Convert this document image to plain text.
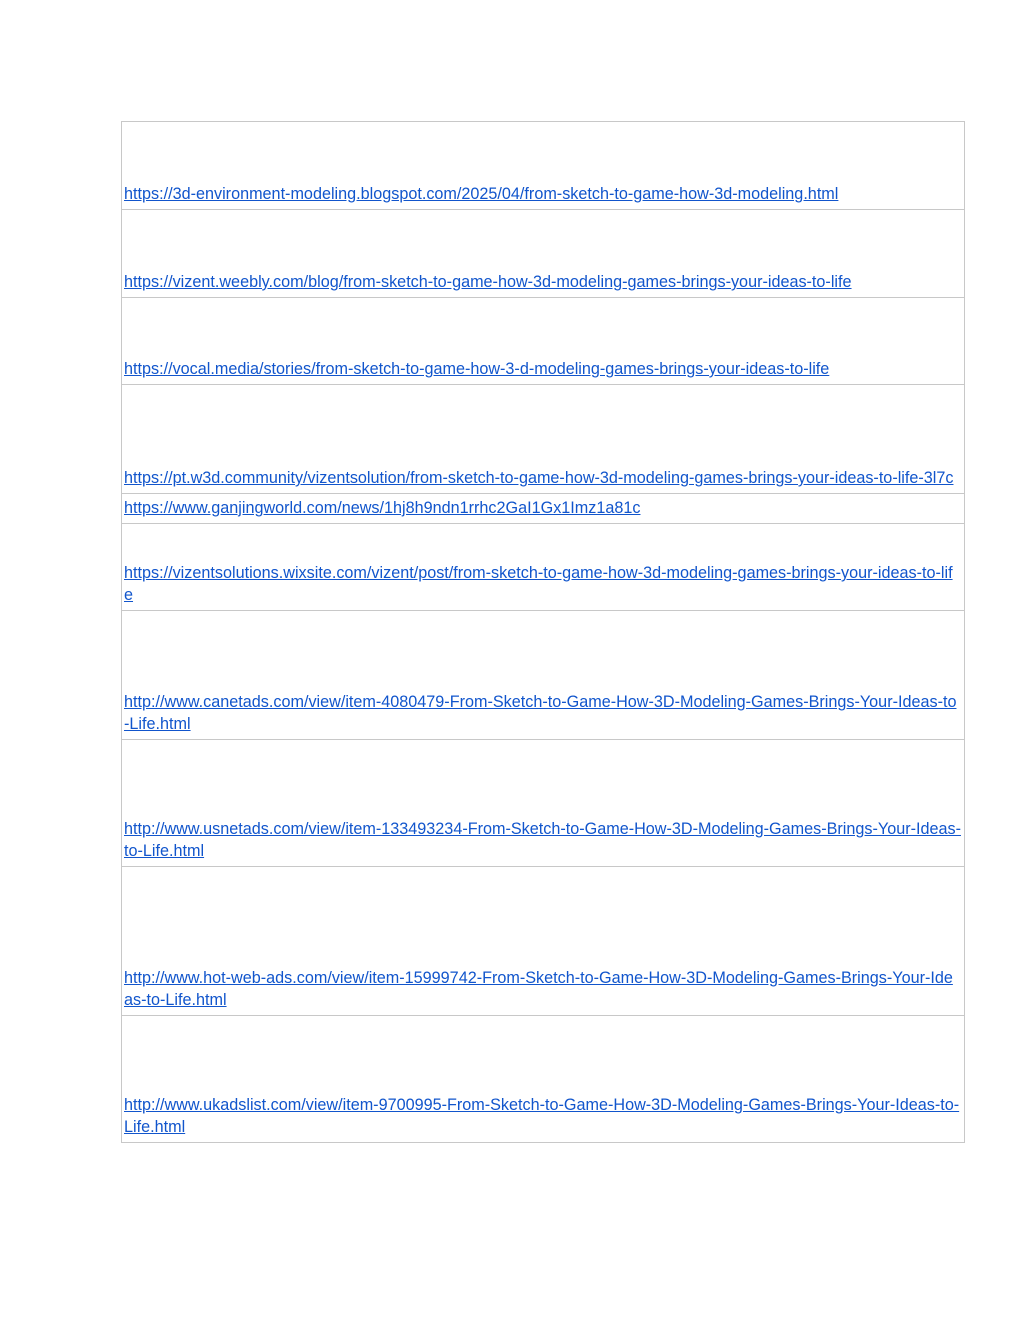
https://3d-environment-modeling.blogspot.com/2025/04/from-sketch-to-game-how-3d-modeling.html
https://vizent.weebly.com/blog/from-sketch-to-game-how-3d-modeling-games-brings-your-ideas-to-life
https://vocal.media/stories/from-sketch-to-game-how-3-d-modeling-games-brings-your-ideas-to-life
https://pt.w3d.community/vizentsolution/from-sketch-to-game-how-3d-modeling-games-brings-your-ideas-to-life-3l7c
https://www.ganjingworld.com/news/1hj8h9ndn1rrhc2GaI1Gx1Imz1a81c
https://vizentsolutions.wixsite.com/vizent/post/from-sketch-to-game-how-3d-modeling-games-brings-your-ideas-to-life
http://www.canetads.com/view/item-4080479-From-Sketch-to-Game-How-3D-Modeling-Games-Brings-Your-Ideas-to-Life.html
http://www.usnetads.com/view/item-133493234-From-Sketch-to-Game-How-3D-Modeling-Games-Brings-Your-Ideas-to-Life.html
http://www.hot-web-ads.com/view/item-15999742-From-Sketch-to-Game-How-3D-Modeling-Games-Brings-Your-Ideas-to-Life.html
http://www.ukadslist.com/view/item-9700995-From-Sketch-to-Game-How-3D-Modeling-Games-Brings-Your-Ideas-to-Life.html
